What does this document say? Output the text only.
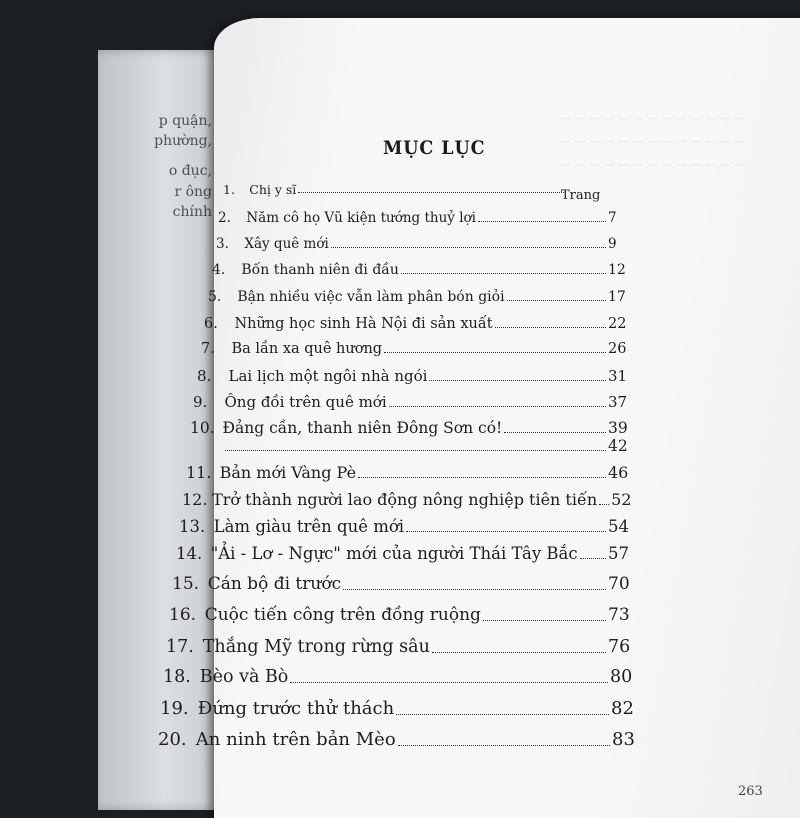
p quận,
phường,
o đục,
r ông
chính
— — — — — — — — — — — — —
— — — — — — — — — — — — —
— — — — — — — — — — — — —
MỤC LỤC
Trang
1.	Chị y sĩ
2.	Năm cô họ Vũ kiện tướng thuỷ lợi	7
3.	Xây quê mới	9
4.	Bốn thanh niên đi đầu	12
5.	Bận nhiều việc vẫn làm phân bón giỏi	17
6.	Những học sinh Hà Nội đi sản xuất	22
7.	Ba lần xa quê hương	26
8.	Lai lịch một ngôi nhà ngói	31
9.	Ông đồi trên quê mới	37
10. Đảng cần, thanh niên Đông Sơn có!	39
42
11. Bản mới Vàng Pè	46
12. Trở thành người lao động nông nghiệp tiên tiến 52
13. Làm giàu trên quê mới	54
14. "Ải - Lơ - Ngực" mới của người Thái Tây Bắc 57
15. Cán bộ đi trước	70
16. Cuộc tiến công trên đồng ruộng	73
17. Thắng Mỹ trong rừng sâu	76
18. Bèo và Bò	80
19. Đứng trước thử thách	82
20. An ninh trên bản Mèo	83
263
